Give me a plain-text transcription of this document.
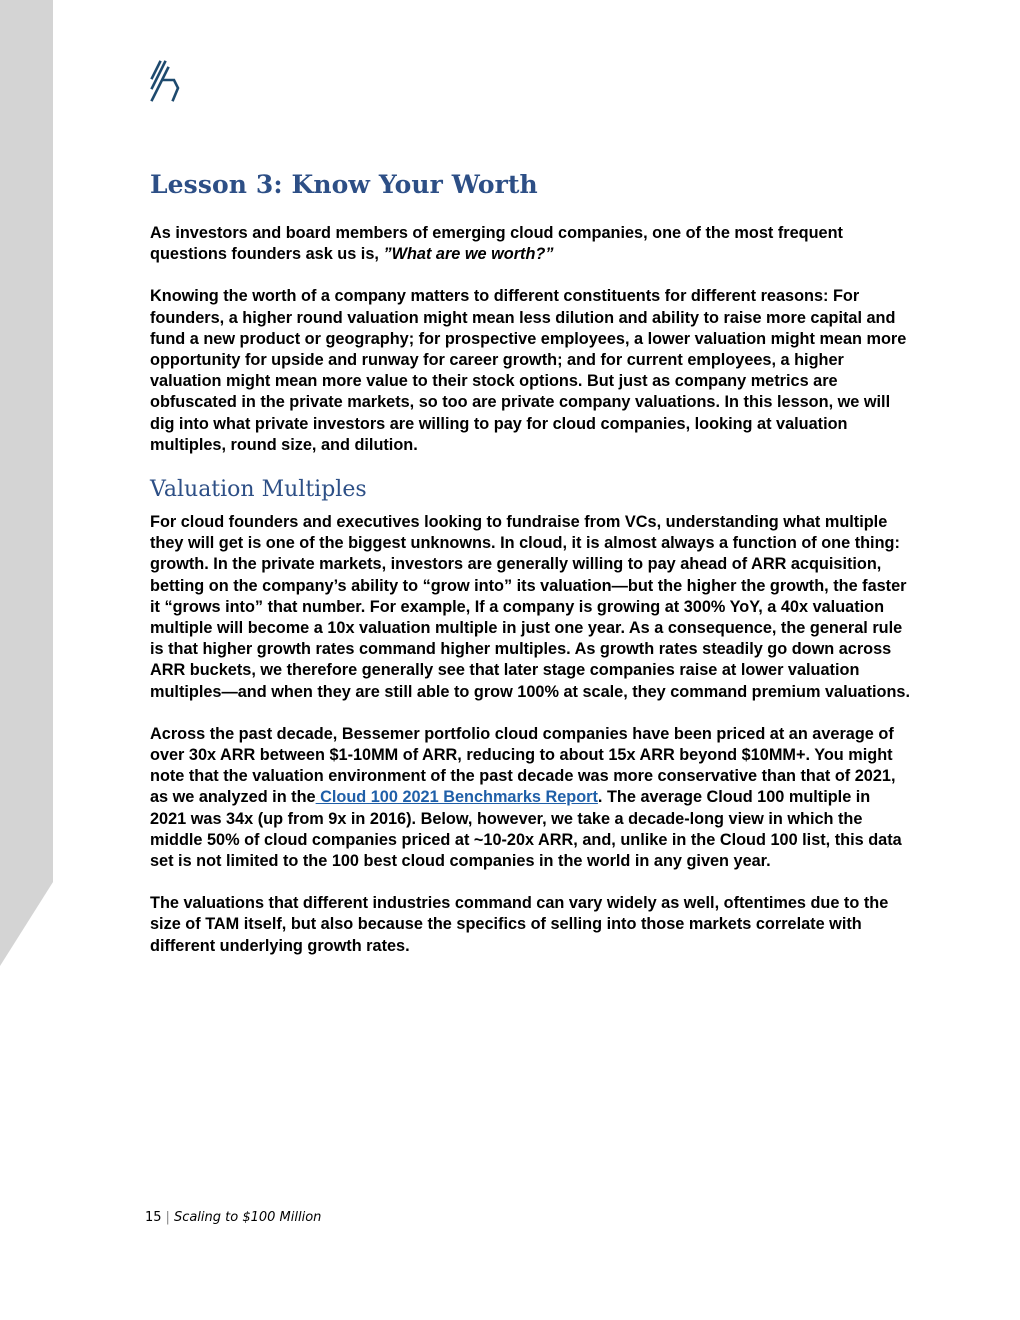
Lesson 3: Know Your Worth

As investors and board members of emerging cloud companies, one of the most frequent questions founders ask us is, ”What are we worth?”

Knowing the worth of a company matters to different constituents for different reasons: For founders, a higher round valuation might mean less dilution and ability to raise more capital and fund a new product or geography; for prospective employees, a lower valuation might mean more opportunity for upside and runway for career growth; and for current employees, a higher valuation might mean more value to their stock options. But just as company metrics are obfuscated in the private markets, so too are private company valuations. In this lesson, we will dig into what private investors are willing to pay for cloud companies, looking at valuation multiples, round size, and dilution.

Valuation Multiples

For cloud founders and executives looking to fundraise from VCs, understanding what multiple they will get is one of the biggest unknowns. In cloud, it is almost always a function of one thing: growth. In the private markets, investors are generally willing to pay ahead of ARR acquisition, betting on the company’s ability to “grow into” its valuation—but the higher the growth, the faster it “grows into” that number. For example, If a company is growing at 300% YoY, a 40x valuation multiple will become a 10x valuation multiple in just one year. As a consequence, the general rule is that higher growth rates command higher multiples. As growth rates steadily go down across ARR buckets, we therefore generally see that later stage companies raise at lower valuation multiples—and when they are still able to grow 100% at scale, they command premium valuations.

Across the past decade, Bessemer portfolio cloud companies have been priced at an average of over 30x ARR between $1-10MM of ARR, reducing to about 15x ARR beyond $10MM+. You might note that the valuation environment of the past decade was more conservative than that of 2021, as we analyzed in the Cloud 100 2021 Benchmarks Report. The average Cloud 100 multiple in 2021 was 34x (up from 9x in 2016). Below, however, we take a decade-long view in which the middle 50% of cloud companies priced at ~10-20x ARR, and, unlike in the Cloud 100 list, this data set is not limited to the 100 best cloud companies in the world in any given year.

The valuations that different industries command can vary widely as well, oftentimes due to the size of TAM itself, but also because the specifics of selling into those markets correlate with different underlying growth rates.

15 | Scaling to $100 Million
